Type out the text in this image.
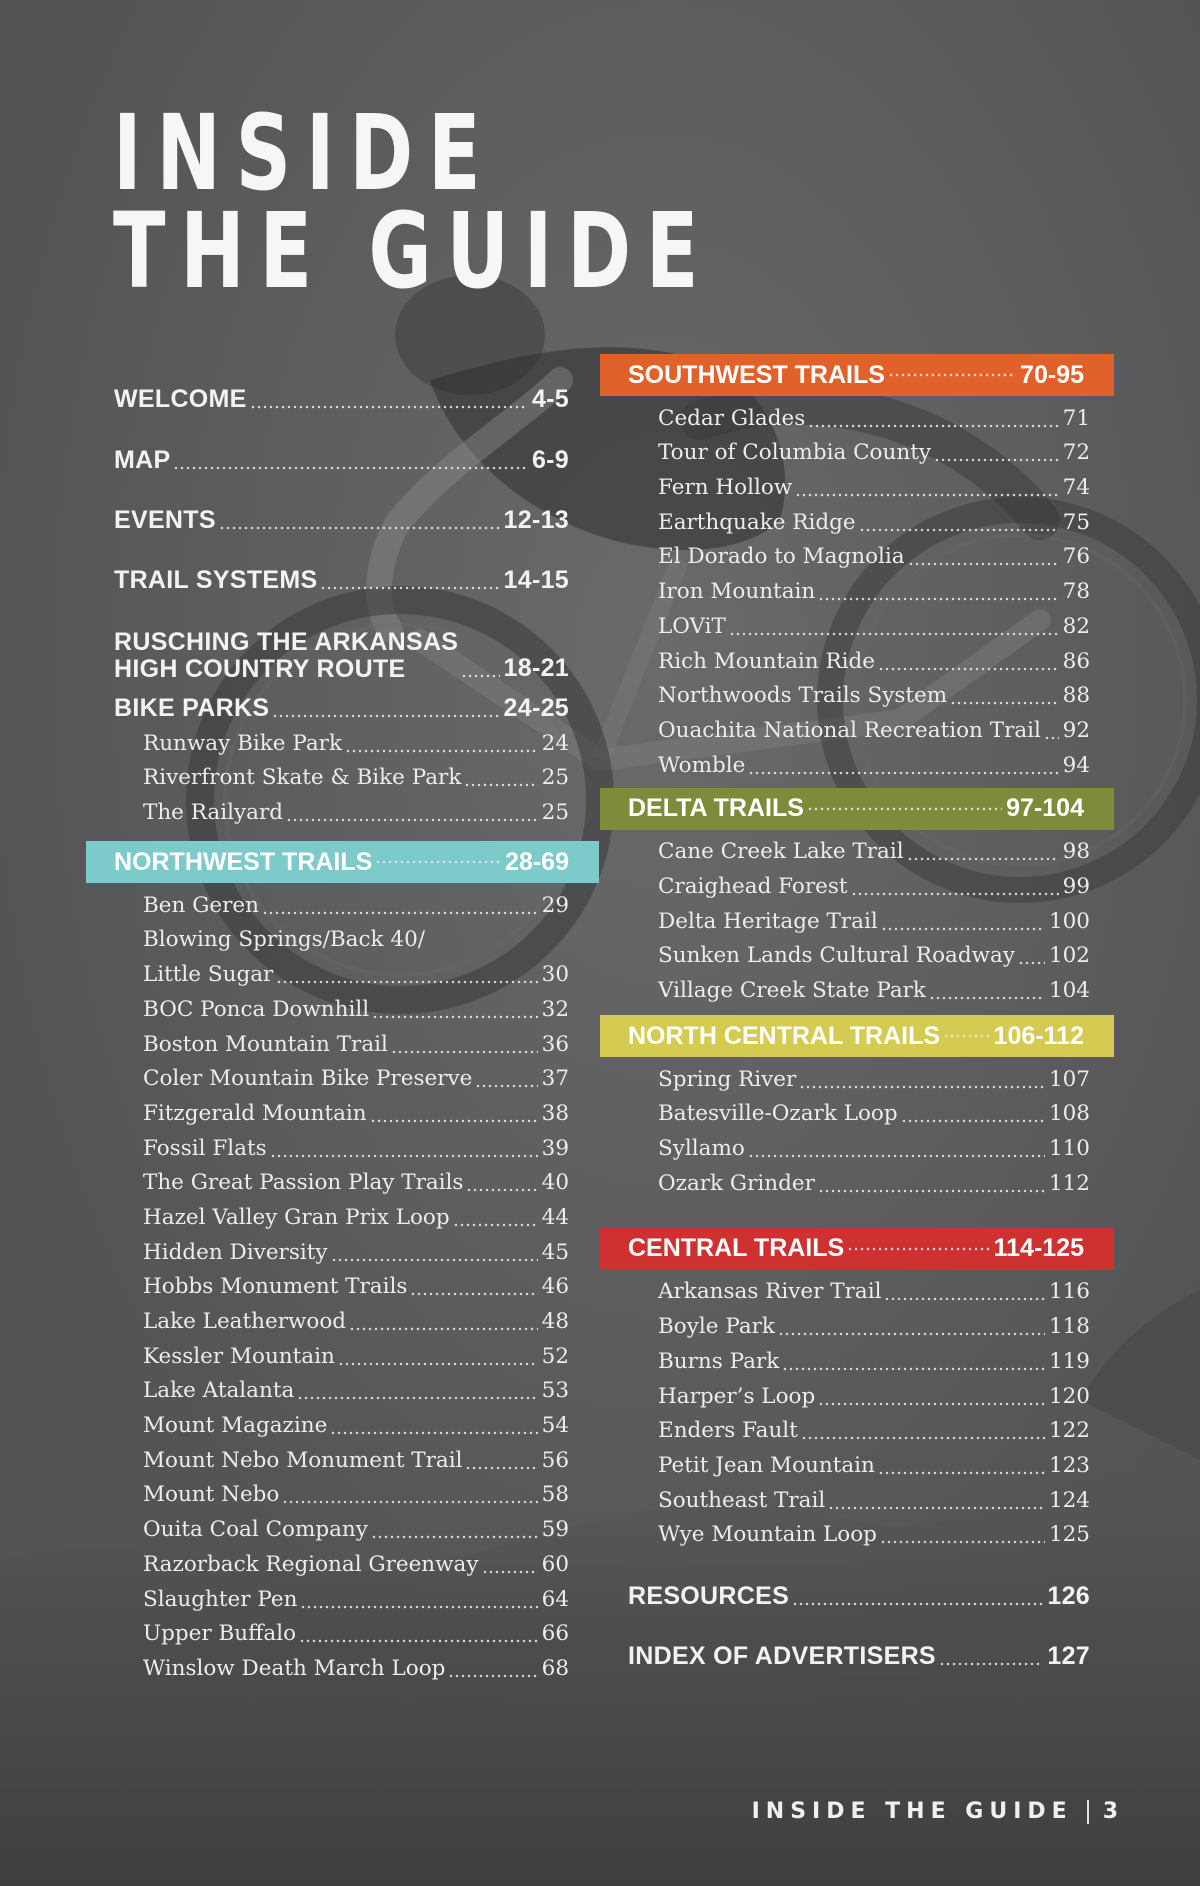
INSIDE
THE GUIDE
WELCOME	4-5
MAP	6-9
EVENTS	12-13
TRAIL SYSTEMS	14-15
RUSCHING THE ARKANSAS
HIGH COUNTRY ROUTE	18-21
BIKE PARKS	24-25
Runway Bike Park	24
Riverfront Skate & Bike Park	25
The Railyard	25
NORTHWEST TRAILS	28-69
Ben Geren	29
Blowing Springs/Back 40/
Little Sugar	30
BOC Ponca Downhill	32
Boston Mountain Trail	36
Coler Mountain Bike Preserve	37
Fitzgerald Mountain	38
Fossil Flats	39
The Great Passion Play Trails	40
Hazel Valley Gran Prix Loop	44
Hidden Diversity	45
Hobbs Monument Trails	46
Lake Leatherwood	48
Kessler Mountain	52
Lake Atalanta	53
Mount Magazine	54
Mount Nebo Monument Trail	56
Mount Nebo	58
Ouita Coal Company	59
Razorback Regional Greenway	60
Slaughter Pen	64
Upper Buffalo	66
Winslow Death March Loop	68
SOUTHWEST TRAILS	70-95
Cedar Glades	71
Tour of Columbia County	72
Fern Hollow	74
Earthquake Ridge	75
El Dorado to Magnolia	76
Iron Mountain	78
LOViT	82
Rich Mountain Ride	86
Northwoods Trails System	88
Ouachita National Recreation Trail 92
Womble	94
DELTA TRAILS	97-104
Cane Creek Lake Trail	98
Craighead Forest	99
Delta Heritage Trail	100
Sunken Lands Cultural Roadway 102
Village Creek State Park	104
NORTH CENTRAL TRAILS 106-112
Spring River	107
Batesville-Ozark Loop	108
Syllamo	110
Ozark Grinder	112
CENTRAL TRAILS	114-125
Arkansas River Trail	116
Boyle Park	118
Burns Park	119
Harper’s Loop	120
Enders Fault	122
Petit Jean Mountain	123
Southeast Trail	124
Wye Mountain Loop	125
RESOURCES	126
INDEX OF ADVERTISERS	127
INSIDE THE GUIDE 3
